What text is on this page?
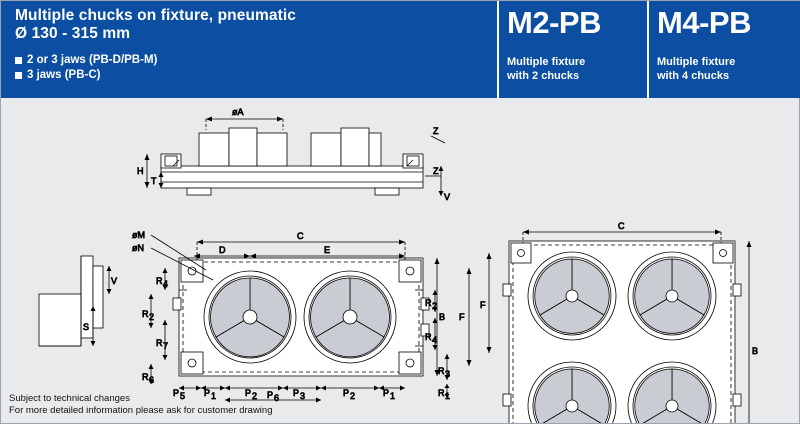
Multiple chucks on fixture, pneumatic
Ø 130 - 315 mm
2 or 3 jaws (PB-D/PB-M)
3 jaws (PB-C)
M2-PB
Multiple fixture
with 2 chucks
M4-PB
Multiple fixture
with 4 chucks
øA
H
T
Z
Z
V
V
S
øM
øN
C
D	E
B F
R 4
R 2
R 7
R 6
R 2
R 4
R 3
R 1
P 5 P 1	P 2	P 3	P 2	P 1
P 6
C
B
F
Subject to technical changes
For more detailed information please ask for customer drawing
